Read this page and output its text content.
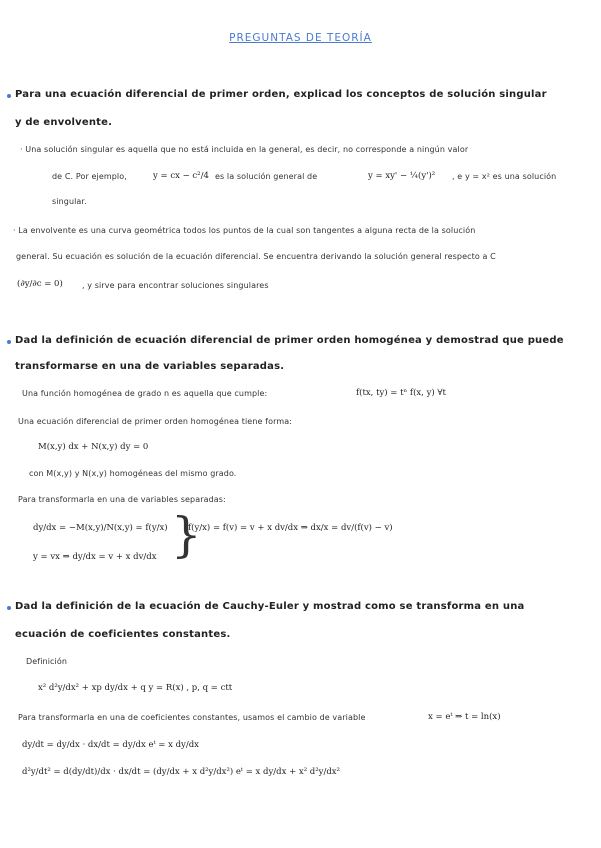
PREGUNTAS DE TEORÍA
Para una ecuación diferencial de primer orden, explicad los conceptos de solución singular
y de envolvente.
· Una solución singular es aquella que no está incluida en la general, es decir, no corresponde a ningún valor
de C. Por ejemplo,	y = cx − c²/4 es la solución general de	y = xy' − ¼(y')² , e y = x² es una solución
singular.
· La envolvente es una curva geométrica todos los puntos de la cual son tangentes a alguna recta de la solución
general. Su ecuación es solución de la ecuación diferencial. Se encuentra derivando la solución general respecto a C
(∂y/∂c = 0) , y sirve para encontrar soluciones singulares
Dad la definición de ecuación diferencial de primer orden homogénea y demostrad que puede
transformarse en una de variables separadas.
Una función homogénea de grado n es aquella que cumple:	f(tx, ty) = tⁿ f(x, y) ∀t
Una ecuación diferencial de primer orden homogénea tiene forma:
M(x,y) dx + N(x,y) dy = 0
con M(x,y) y N(x,y) homogéneas del mismo grado.
Para transformarla en una de variables separadas:
dy/dx = −M(x,y)/N(x,y) = f(y/x)
y = vx ⇒ dy/dx = v + x dv/dx }
f(y/x) = f(v) = v + x dv/dx ⇒ dx/x = dv/(f(v) − v)
Dad la definición de la ecuación de Cauchy-Euler y mostrad como se transforma en una
ecuación de coeficientes constantes.
Definición
x² d²y/dx² + xp dy/dx + q y = R(x) , p, q = ctt
Para transformarla en una de coeficientes constantes, usamos el cambio de variable	x = eᵗ ⇒ t = ln(x)
dy/dt = dy/dx · dx/dt = dy/dx eᵗ = x dy/dx
d²y/dt² = d(dy/dt)/dx · dx/dt = (dy/dx + x d²y/dx²) eᵗ = x dy/dx + x² d²y/dx²
